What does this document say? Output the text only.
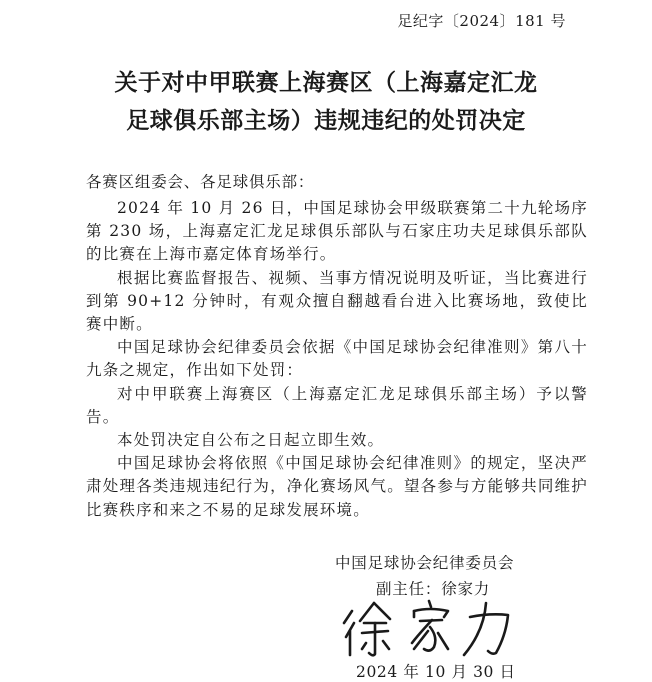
足纪字〔2024〕181 号
关于对中甲联赛上海赛区（上海嘉定汇龙
足球俱乐部主场）违规违纪的处罚决定
各赛区组委会、各足球俱乐部：

2024 年 10 月 26 日，中国足球协会甲级联赛第二十九轮场序第 230 场，上海嘉定汇龙足球俱乐部队与石家庄功夫足球俱乐部队的比赛在上海市嘉定体育场举行。

根据比赛监督报告、视频、当事方情况说明及听证，当比赛进行到第 90+12 分钟时，有观众擅自翻越看台进入比赛场地，致使比赛中断。

中国足球协会纪律委员会依据《中国足球协会纪律准则》第八十九条之规定，作出如下处罚：

对中甲联赛上海赛区（上海嘉定汇龙足球俱乐部主场）予以警告。

本处罚决定自公布之日起立即生效。

中国足球协会将依照《中国足球协会纪律准则》的规定，坚决严肃处理各类违规违纪行为，净化赛场风气。望各参与方能够共同维护比赛秩序和来之不易的足球发展环境。

中国足球协会纪律委员会
副主任：徐家力
2024 年 10 月 30 日
